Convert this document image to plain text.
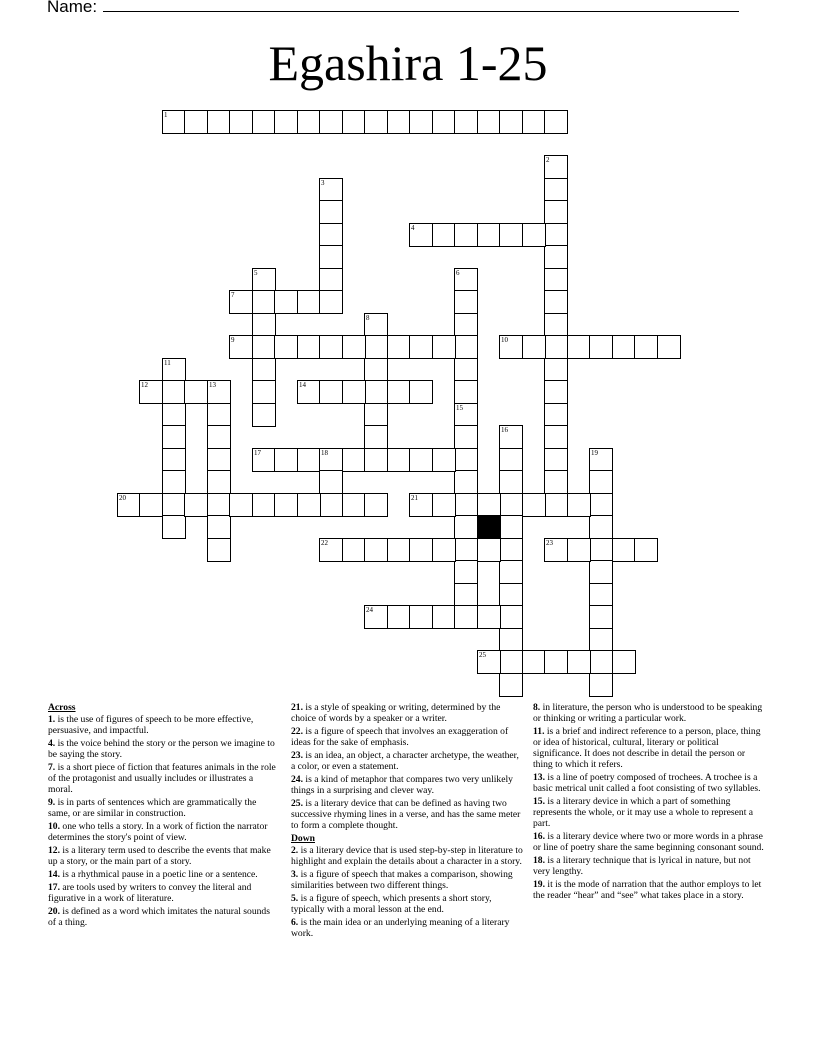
Name:
Egashira 1-25
1
2
3
4
5	6
15
7
8
9	10
11
12	13	14
16
17	18	19
20	21
22	23
24
25
Across

1. is the use of figures of speech to be more effective, persuasive, and impactful.

4. is the voice behind the story or the person we imagine to be saying the story.

7. is a short piece of fiction that features animals in the role of the protagonist and usually includes or illustrates a moral.

9. is in parts of sentences which are grammatically the same, or are similar in construction.

10. one who tells a story. In a work of fiction the narrator determines the story's point of view.

12. is a literary term used to describe the events that make up a story, or the main part of a story.

14. is a rhythmical pause in a poetic line or a sentence.

17. are tools used by writers to convey the literal and figurative in a work of literature.

20. is defined as a word which imitates the natural sounds of a thing.

21. is a style of speaking or writing, determined by the choice of words by a speaker or a writer.

22. is a figure of speech that involves an exaggeration of ideas for the sake of emphasis.

23. is an idea, an object, a character archetype, the weather, a color, or even a statement.

24. is a kind of metaphor that compares two very unlikely things in a surprising and clever way.

25. is a literary device that can be defined as having two successive rhyming lines in a verse, and has the same meter to form a complete thought.

Down

2. is a literary device that is used step-by-step in literature to highlight and explain the details about a character in a story.

3. is a figure of speech that makes a comparison, showing similarities between two different things.

5. is a figure of speech, which presents a short story, typically with a moral lesson at the end.

6. is the main idea or an underlying meaning of a literary work.

8. in literature, the person who is understood to be speaking or thinking or writing a particular work.

11. is a brief and indirect reference to a person, place, thing or idea of historical, cultural, literary or political significance. It does not describe in detail the person or thing to which it refers.

13. is a line of poetry composed of trochees. A trochee is a basic metrical unit called a foot consisting of two syllables.

15. is a literary device in which a part of something represents the whole, or it may use a whole to represent a part.

16. is a literary device where two or more words in a phrase or line of poetry share the same beginning consonant sound.

18. is a literary technique that is lyrical in nature, but not very lengthy.

19. it is the mode of narration that the author employs to let the reader “hear” and “see” what takes place in a story.
